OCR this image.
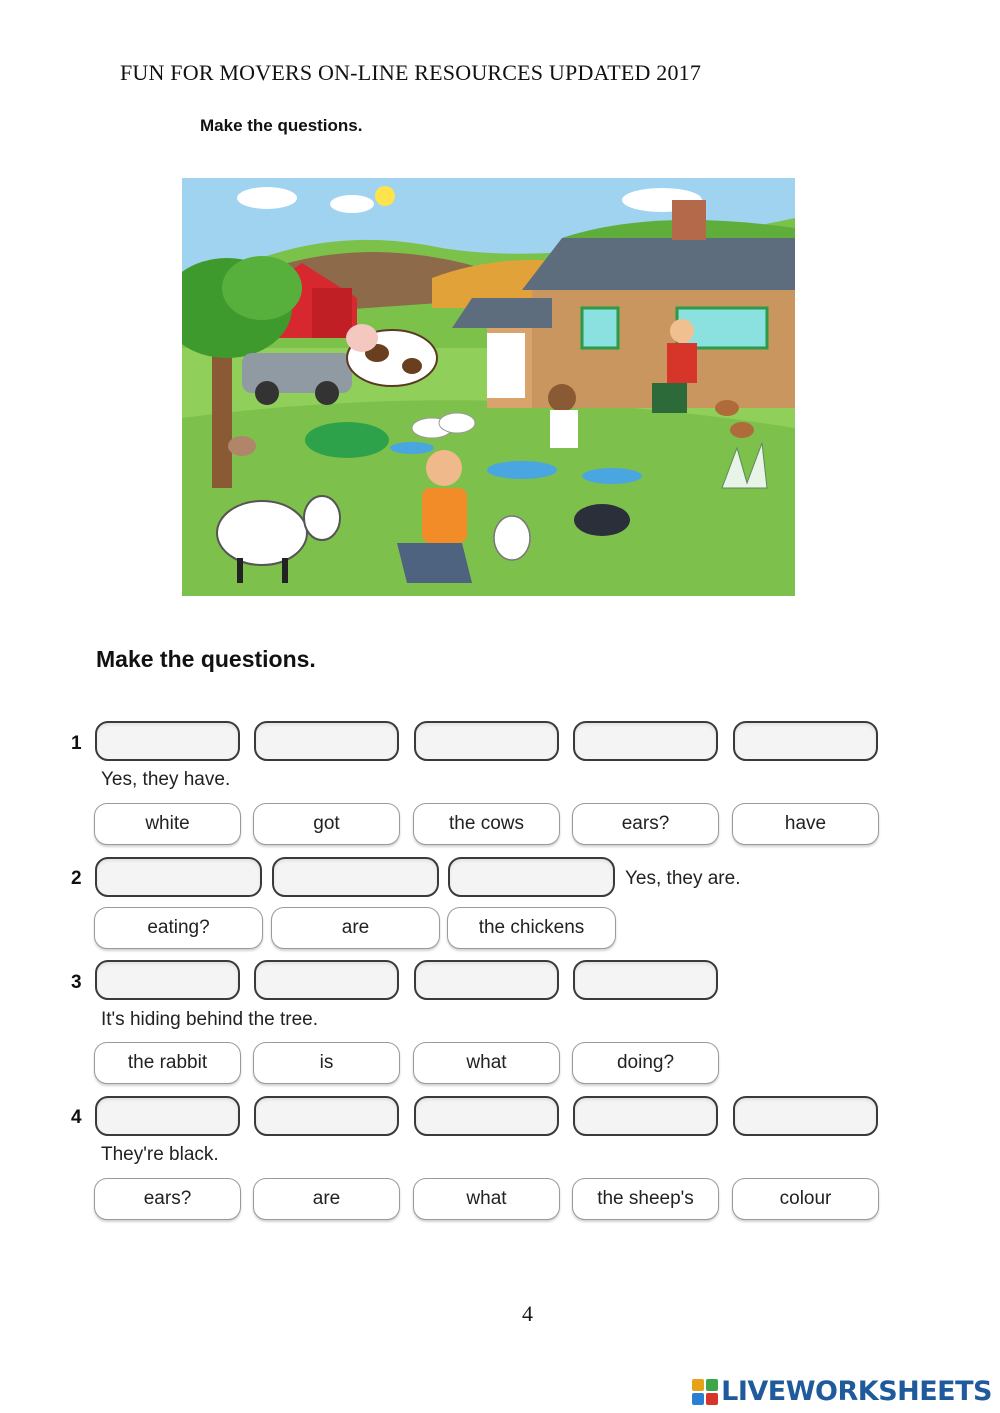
FUN FOR MOVERS ON-LINE RESOURCES UPDATED 2017
Make the questions.
Make the questions.
1
Yes, they have.
white	got	the cows	ears?	have
2	Yes, they are.
eating?	are	the chickens
3
It's hiding behind the tree.
the rabbit	is	what	doing?
4
They're black.
ears?	are	what	the sheep's	colour
4
LIVEWORKSHEETS
